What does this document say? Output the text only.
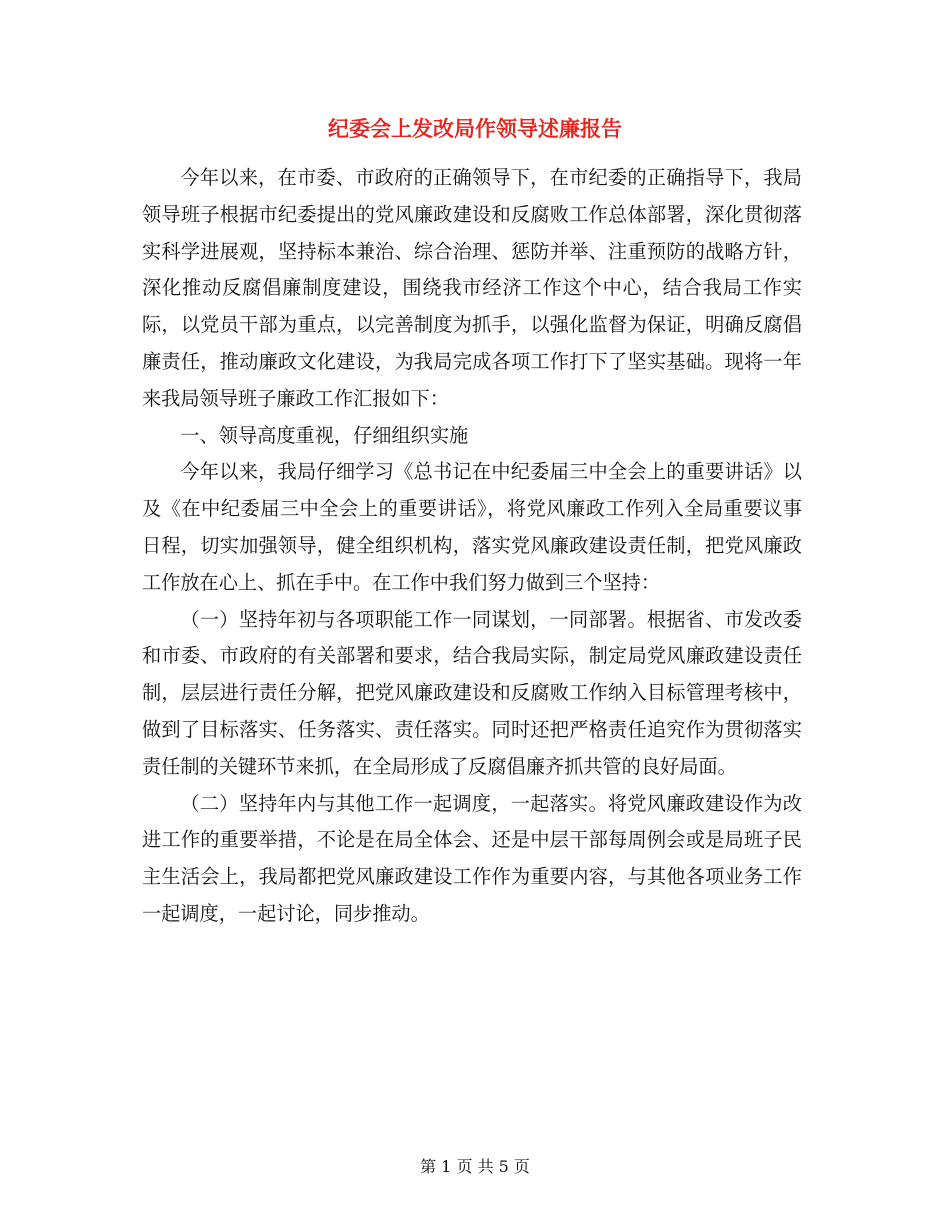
纪委会上发改局作领导述廉报告

今年以来，在市委、市政府的正确领导下，在市纪委的正确指导下，我局领导班子根据市纪委提出的党风廉政建设和反腐败工作总体部署，深化贯彻落实科学进展观，坚持标本兼治、综合治理、惩防并举、注重预防的战略方针，深化推动反腐倡廉制度建设，围绕我市经济工作这个中心，结合我局工作实际，以党员干部为重点，以完善制度为抓手，以强化监督为保证，明确反腐倡廉责任，推动廉政文化建设，为我局完成各项工作打下了坚实基础。现将一年来我局领导班子廉政工作汇报如下：

一、领导高度重视，仔细组织实施

今年以来，我局仔细学习《总书记在中纪委届三中全会上的重要讲话》以及《在中纪委届三中全会上的重要讲话》，将党风廉政工作列入全局重要议事日程，切实加强领导，健全组织机构，落实党风廉政建设责任制，把党风廉政工作放在心上、抓在手中。在工作中我们努力做到三个坚持：

（一）坚持年初与各项职能工作一同谋划，一同部署。根据省、市发改委和市委、市政府的有关部署和要求，结合我局实际，制定局党风廉政建设责任制，层层进行责任分解，把党风廉政建设和反腐败工作纳入目标管理考核中，做到了目标落实、任务落实、责任落实。同时还把严格责任追究作为贯彻落实责任制的关键环节来抓，在全局形成了反腐倡廉齐抓共管的良好局面。

（二）坚持年内与其他工作一起调度，一起落实。将党风廉政建设作为改进工作的重要举措，不论是在局全体会、还是中层干部每周例会或是局班子民主生活会上，我局都把党风廉政建设工作作为重要内容，与其他各项业务工作一起调度，一起讨论，同步推动。

第 1 页 共 5 页
